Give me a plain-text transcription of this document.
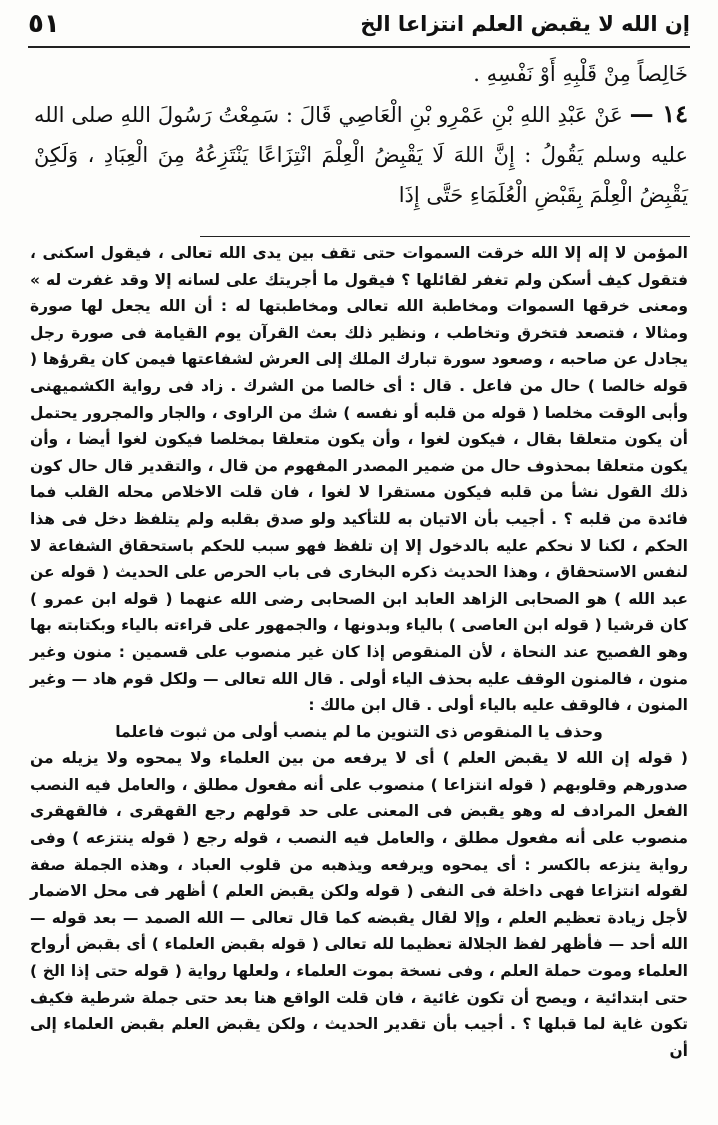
إن الله لا يقبض العلم انتزاعا الخ
٥١

خَالِصاً مِنْ قَلْبِهِ أَوْ نَفْسِهِ .

١٤ — عَنْ عَبْدِ اللهِ بْنِ عَمْرِو بْنِ الْعَاصِي قَالَ : سَمِعْتُ رَسُولَ اللهِ صلى الله عليه وسلم يَقُولُ : إِنَّ اللهَ لَا يَقْبِضُ الْعِلْمَ انْتِزَاعًا يَنْتَزِعُهُ مِنَ الْعِبَادِ ، وَلَكِنْ يَقْبِضُ الْعِلْمَ بِقَبْضِ الْعُلَمَاءِ حَتَّى إِذَا

المؤمن لا إله إلا الله خرقت السموات حتى تقف بين يدى الله تعالى ، فيقول اسكنى ، فتقول كيف أسكن ولم تغفر لقائلها ؟ فيقول ما أجريتك على لسانه إلا وقد غفرت له » ومعنى خرقها السموات ومخاطبة الله تعالى ومخاطبتها له : أن الله يجعل لها صورة ومثالا ، فتصعد فتخرق وتخاطب ، ونظير ذلك بعث القرآن يوم القيامة فى صورة رجل يجادل عن صاحبه ، وصعود سورة تبارك الملك إلى العرش لشفاعتها فيمن كان يقرؤها ( قوله خالصا ) حال من فاعل . قال : أى خالصا من الشرك . زاد فى رواية الكشميهنى وأبى الوقت مخلصا ( قوله من قلبه أو نفسه ) شك من الراوى ، والجار والمجرور يحتمل أن يكون متعلقا بقال ، فيكون لغوا ، وأن يكون متعلقا بمخلصا فيكون لغوا أيضا ، وأن يكون متعلقا بمحذوف حال من ضمير المصدر المفهوم من قال ، والتقدير قال حال كون ذلك القول نشأ من قلبه فيكون مستقرا لا لغوا ، فان قلت الاخلاص محله القلب فما فائدة من قلبه ؟ . أجيب بأن الاتيان به للتأكيد ولو صدق بقلبه ولم يتلفظ دخل فى هذا الحكم ، لكنا لا نحكم عليه بالدخول إلا إن تلفظ فهو سبب للحكم باستحقاق الشفاعة لا لنفس الاستحقاق ، وهذا الحديث ذكره البخارى فى باب الحرص على الحديث ( قوله عن عبد الله ) هو الصحابى الزاهد العابد ابن الصحابى رضى الله عنهما ( قوله ابن عمرو ) كان قرشيا ( قوله ابن العاصى ) بالياء وبدونها ، والجمهور على قراءته بالياء وبكتابته بها وهو الفصيح عند النحاة ، لأن المنقوص إذا كان غير منصوب على قسمين : منون وغير منون ، فالمنون الوقف عليه بحذف الياء أولى . قال الله تعالى — ولكل قوم هاد — وغير المنون ، فالوقف عليه بالياء أولى . قال ابن مالك :

وحذف يا المنقوص ذى التنوين ما لم ينصب أولى من ثبوت فاعلما

( قوله إن الله لا يقبض العلم ) أى لا يرفعه من بين العلماء ولا يمحوه ولا يزيله من صدورهم وقلوبهم ( قوله انتزاعا ) منصوب على أنه مفعول مطلق ، والعامل فيه النصب الفعل المرادف له وهو يقبض فى المعنى على حد قولهم رجع القهقرى ، فالقهقرى منصوب على أنه مفعول مطلق ، والعامل فيه النصب ، قوله رجع ( قوله ينتزعه ) وفى رواية ينزعه بالكسر : أى يمحوه ويرفعه ويذهبه من قلوب العباد ، وهذه الجملة صفة لقوله انتزاعا فهى داخلة فى النفى ( قوله ولكن يقبض العلم ) أظهر فى محل الاضمار لأجل زيادة تعظيم العلم ، وإلا لقال يقبضه كما قال تعالى — الله الصمد — بعد قوله — الله أحد — فأظهر لفظ الجلالة تعظيما لله تعالى ( قوله بقبض العلماء ) أى بقبض أرواح العلماء وموت حملة العلم ، وفى نسخة بموت العلماء ، ولعلها رواية ( قوله حتى إذا الخ ) حتى ابتدائية ، ويصح أن تكون غائية ، فان قلت الواقع هنا بعد حتى جملة شرطية فكيف تكون غاية لما قبلها ؟ . أجيب بأن تقدير الحديث ، ولكن يقبض العلم بقبض العلماء إلى أن
